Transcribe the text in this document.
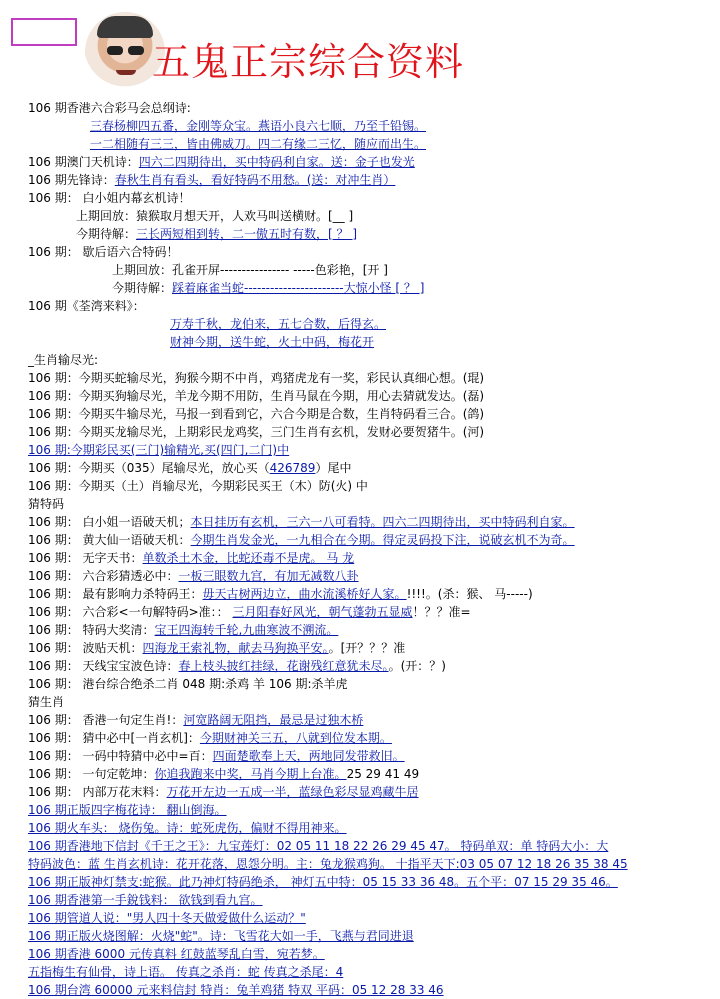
五鬼正宗综合资料
106 期香港六合彩马会总纲诗:
三春杨柳四五番，金刚等众宝。燕语小良六七顺，乃至千铅锡。
一二相随有三三，皆由佛威刀。四二有缘二三忆，随应而出生。
106 期澳门天机诗：四六二四期待出，买中特码利自家。送：金子也发光
106 期先锋诗：春秋生肖有看头，看好特码不用愁。(送：对冲生肖）
106 期： 白小姐内幕玄机诗！
上期回放：猿猴取月想天开，人欢马叫送横财。[__ ]
今期待解：三长两短相到转，二一傲五时有数，[ ？ ]
106 期： 歇后语六合特码！
上期回放：孔雀开屏---------------- -----色彩艳，[开 ]
今期待解：踩着麻雀当蛇-----------------------大惊小怪 [ ？ ]
106 期《荃湾来料》：
万寿千秋，龙伯来，五七合数，后得玄。
财神今期，送牛蛇，火土中码，梅花开
_生肖输尽光:
106 期：今期买蛇输尽光，狗猴今期不中肖，鸡猪虎龙有一奖，彩民认真细心想。(琨)
106 期：今期买狗输尽光，羊龙今期不用防，生肖马鼠在今期，用心去猜就发达。(磊)
106 期：今期买牛输尽光，马报一到看到它，六合今期是合数，生肖特码看三合。(鸽)
106 期：今期买龙输尽光，上期彩民龙鸡奖，三门生肖有玄机，发财必要贺猪牛。(河)
106 期:今期彩民买(三门)输精光,买(四门,二门)中
106 期：今期买（035）尾输尽光，放心买（426789）尾中
106 期：今期买（土）肖输尽光，今期彩民买王（木）防(火) 中
猜特码
106 期： 白小姐一语破天机；本日挂历有玄机，三六一八可看特。四六二四期待出，买中特码利自家。
106 期： 黄大仙一语破天机：今期生肖发金光，一九相合在今期。得定灵码投下注，说破玄机不为奇。
106 期： 无字天书：单数杀土木金，比蛇还毒不是虎。 马 龙
106 期： 六合彩猜透必中：一板三眼数九宫，有加无减数八卦
106 期： 最有影响力杀特码王：毋天古树两边立，曲水流溪桥好人家。!!!!。(杀：猴、 马-----)
106 期： 六合彩<一句解特码>准：： 三月阳春好风光，朝气蓬勃五显威！？？准=
106 期： 特码大奖清：宝王四海转千轮,九曲寒波不溯流。
106 期： 波贴天机：四海龙王索礼物，献去马狗换平安。。[开？？？准
106 期： 天线宝宝波色诗：春上枝头披红挂绿，花谢残红意犹未尽。。(开：？)
106 期： 港台综合绝杀二肖 048 期:杀鸡 羊 106 期:杀羊虎
猜生肖
106 期： 香港一句定生肖!：河宽路阔无阻挡，最忌是过独木桥
106 期： 猜中必中[一肖玄机]：今期财神关三五，八就到位发本期。
106 期： 一码中特猜中必中=百：四面楚歌奉上天，两地同发带救旧。
106 期： 一句定乾坤：你追我跑来中奖，马肖今期上台准。25 29 41 49
106 期： 内部万花末料：万花开左边一五成一半，蓝绿色彩尽显鸡藏牛居
106 期正版四字梅花诗： 翻山倒海。
106 期火车头： 烧伤兔。诗：蛇死虎伤，偏财不得用神来。
106 期香港地下信封《千王之王》：九宝莲灯：02 05 11 18 22 26 29 45 47。 特码单双：单 特码大小：大
特码波色：蓝 生肖玄机诗：花开花落，恩怨分明。主：兔龙猴鸡狗。 十指平天下:03 05 07 12 18 26 35 38 45
106 期正版神灯禁支:蛇猴。此乃神灯特码绝杀， 神灯五中特：05 15 33 36 48。五个平：07 15 29 35 46。
106 期香港第一手銳钱料： 欲钱到看九宫。
106 期管道人说："男人四十冬天做爱做什么运动？"
106 期正版火烧图解：火烧"蛇"。诗：飞雪花大如一手，飞燕与君同进退
106 期香港 6000 元传真料 红鼓蓝琴乱白雪，宛若梦。
五指梅生有仙骨，诗上语。 传真之杀肖：蛇 传真之杀尾：4
106 期台湾 60000 元来料信封 特肖：兔羊鸡猪 特双 平码：05 12 28 33 46
